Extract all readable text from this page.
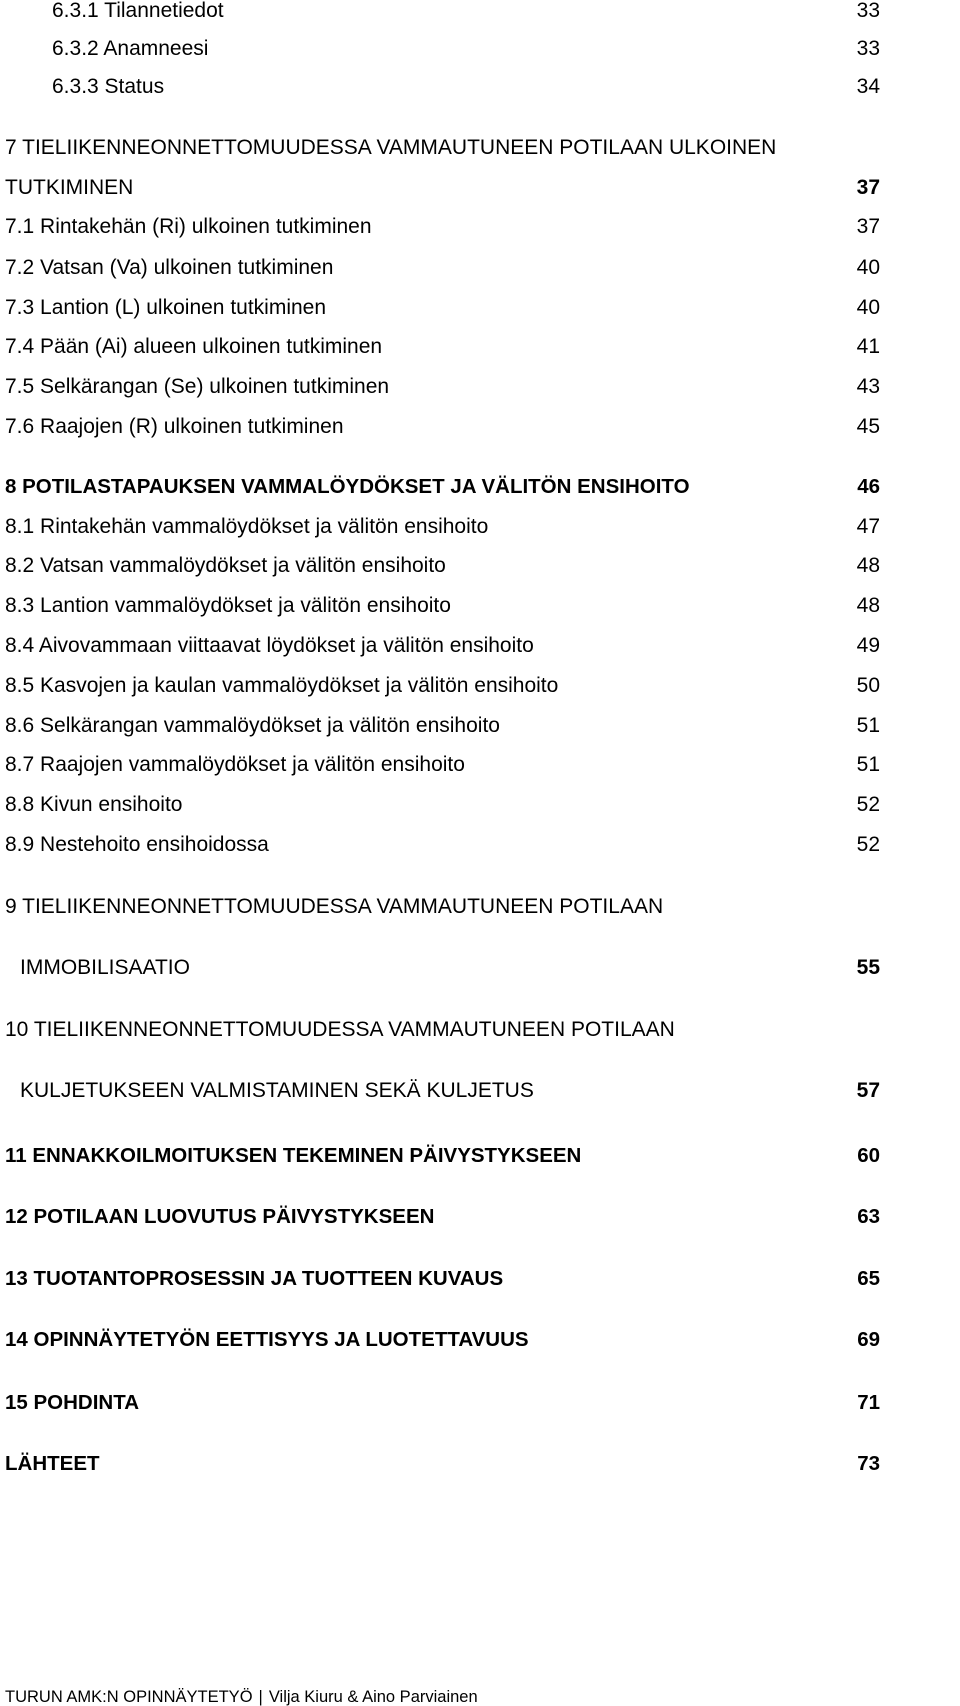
6.3.1 Tilannetiedot	33
6.3.2 Anamneesi	33
6.3.3 Status	34
7 TIELIIKENNEONNETTOMUUDESSA VAMMAUTUNEEN POTILAAN ULKOINEN
TUTKIMINEN	37
7.1 Rintakehän (Ri) ulkoinen tutkiminen	37
7.2 Vatsan (Va) ulkoinen tutkiminen	40
7.3 Lantion (L) ulkoinen tutkiminen	40
7.4 Pään (Ai) alueen ulkoinen tutkiminen	41
7.5 Selkärangan (Se) ulkoinen tutkiminen	43
7.6 Raajojen (R) ulkoinen tutkiminen	45
8 POTILASTAPAUKSEN VAMMALÖYDÖKSET JA VÄLITÖN ENSIHOITO	46
8.1 Rintakehän vammalöydökset ja välitön ensihoito	47
8.2 Vatsan vammalöydökset ja välitön ensihoito	48
8.3 Lantion vammalöydökset ja välitön ensihoito	48
8.4 Aivovammaan viittaavat löydökset ja välitön ensihoito	49
8.5 Kasvojen ja kaulan vammalöydökset ja välitön ensihoito	50
8.6 Selkärangan vammalöydökset ja välitön ensihoito	51
8.7 Raajojen vammalöydökset ja välitön ensihoito	51
8.8 Kivun ensihoito	52
8.9 Nestehoito ensihoidossa	52
9 TIELIIKENNEONNETTOMUUDESSA VAMMAUTUNEEN POTILAAN
IMMOBILISAATIO	55
10 TIELIIKENNEONNETTOMUUDESSA VAMMAUTUNEEN POTILAAN
KULJETUKSEEN VALMISTAMINEN SEKÄ KULJETUS	57
11 ENNAKKOILMOITUKSEN TEKEMINEN PÄIVYSTYKSEEN	60
12 POTILAAN LUOVUTUS PÄIVYSTYKSEEN	63
13 TUOTANTOPROSESSIN JA TUOTTEEN KUVAUS	65
14 OPINNÄYTETYÖN EETTISYYS JA LUOTETTAVUUS	69
15 POHDINTA	71
LÄHTEET	73
TURUN AMK:N OPINNÄYTETYÖ | Vilja Kiuru & Aino Parviainen
